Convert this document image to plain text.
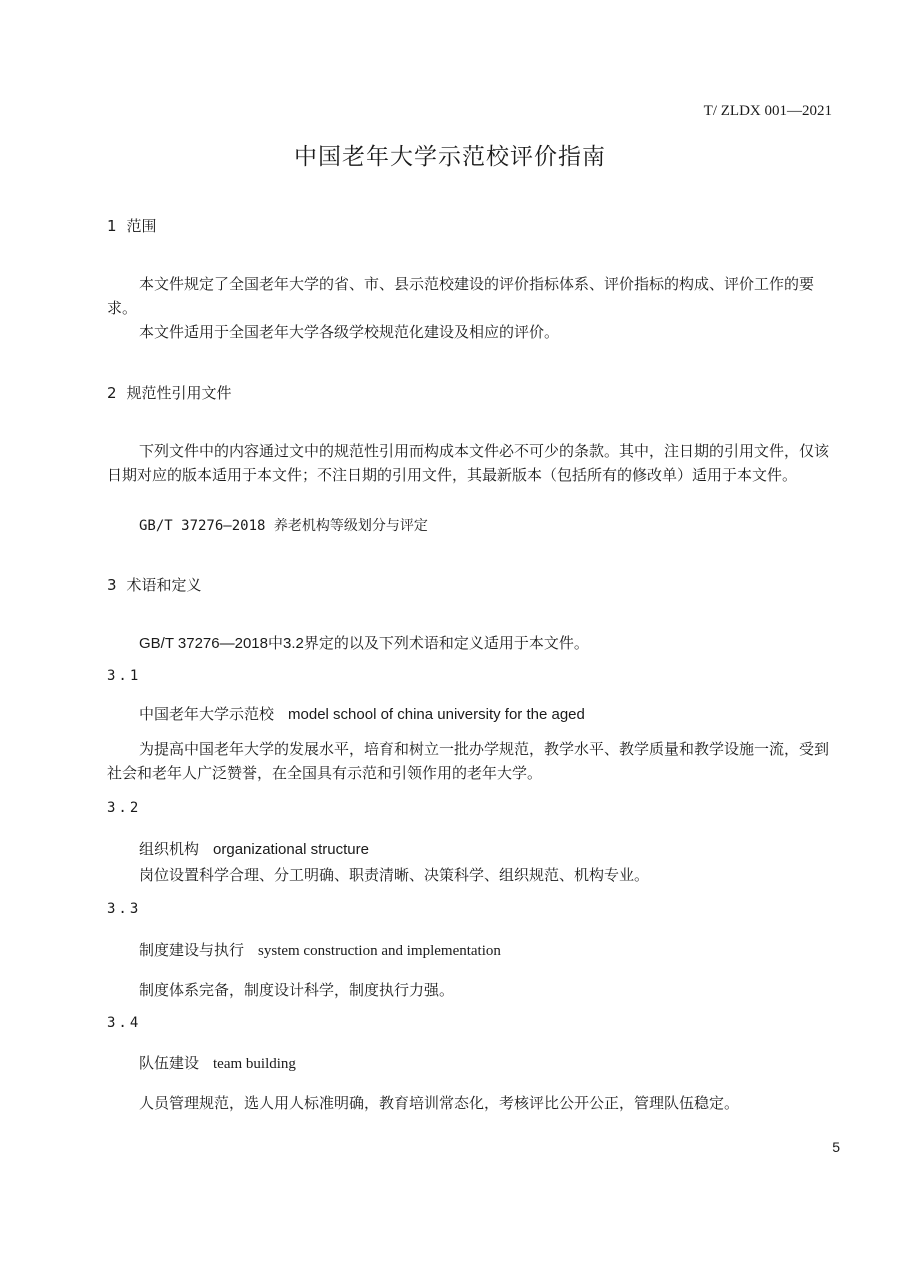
T/ ZLDX 001—2021
中国老年大学示范校评价指南
1 范围
本文件规定了全国老年大学的省、市、县示范校建设的评价指标体系、评价指标的构成、评价工作的要求。
本文件适用于全国老年大学各级学校规范化建设及相应的评价。
2 规范性引用文件
下列文件中的内容通过文中的规范性引用而构成本文件必不可少的条款。其中，注日期的引用文件，仅该日期对应的版本适用于本文件；不注日期的引用文件，其最新版本（包括所有的修改单）适用于本文件。
GB/T 37276—2018 养老机构等级划分与评定
3 术语和定义
GB/T 37276—2018中3.2界定的以及下列术语和定义适用于本文件。
3.1
中国老年大学示范校 model school of china university for the aged
为提高中国老年大学的发展水平，培育和树立一批办学规范，教学水平、教学质量和教学设施一流，受到社会和老年人广泛赞誉，在全国具有示范和引领作用的老年大学。
3.2
组织机构 organizational structure
岗位设置科学合理、分工明确、职责清晰、决策科学、组织规范、机构专业。
3.3
制度建设与执行 system construction and implementation
制度体系完备，制度设计科学，制度执行力强。
3.4
队伍建设 team building
人员管理规范，选人用人标准明确，教育培训常态化，考核评比公开公正，管理队伍稳定。
5
